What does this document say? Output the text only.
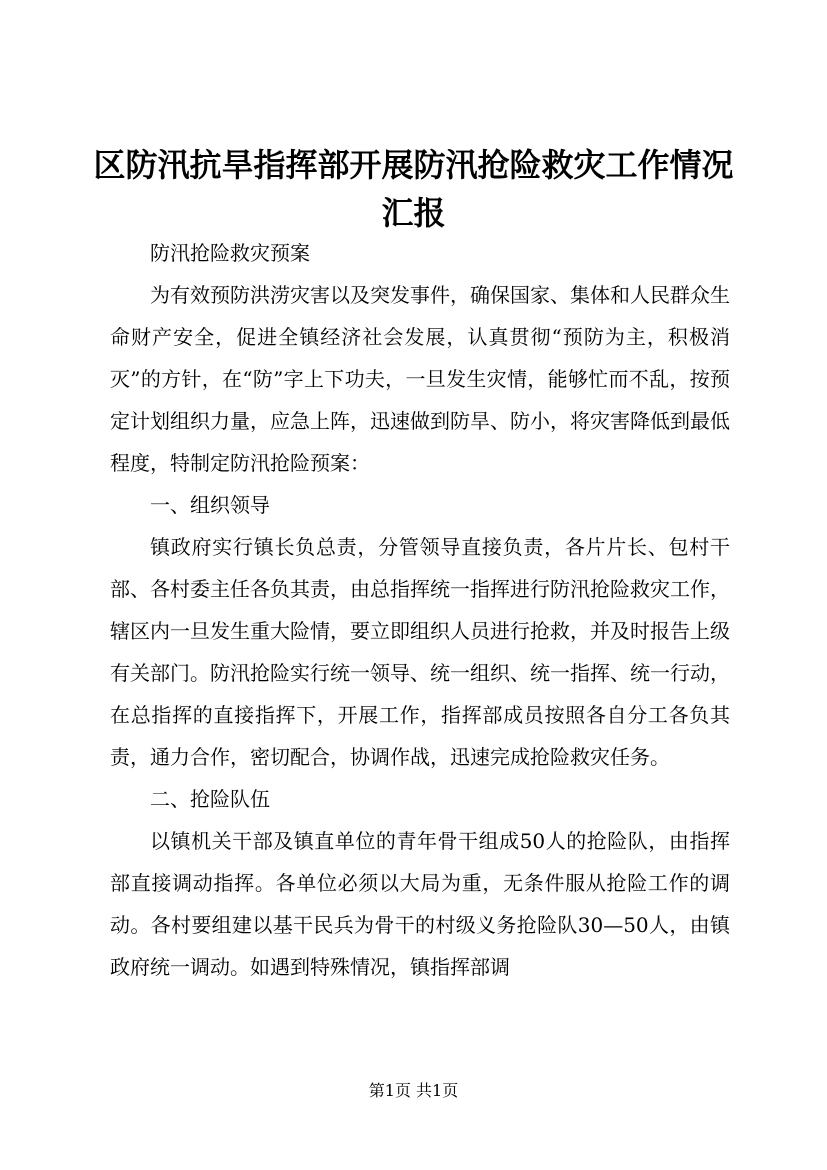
区防汛抗旱指挥部开展防汛抢险救灾工作情况
汇报

防汛抢险救灾预案

为有效预防洪涝灾害以及突发事件，确保国家、集体和人民群众生命财产安全，促进全镇经济社会发展，认真贯彻“预防为主，积极消灭”的方针，在“防”字上下功夫，一旦发生灾情，能够忙而不乱，按预定计划组织力量，应急上阵，迅速做到防旱、防小，将灾害降低到最低程度，特制定防汛抢险预案：

一、组织领导

镇政府实行镇长负总责，分管领导直接负责，各片片长、包村干部、各村委主任各负其责，由总指挥统一指挥进行防汛抢险救灾工作，辖区内一旦发生重大险情，要立即组织人员进行抢救，并及时报告上级有关部门。防汛抢险实行统一领导、统一组织、统一指挥、统一行动，在总指挥的直接指挥下，开展工作，指挥部成员按照各自分工各负其责，通力合作，密切配合，协调作战，迅速完成抢险救灾任务。

二、抢险队伍

以镇机关干部及镇直单位的青年骨干组成50人的抢险队，由指挥部直接调动指挥。各单位必须以大局为重，无条件服从抢险工作的调动。各村要组建以基干民兵为骨干的村级义务抢险队30—50人，由镇政府统一调动。如遇到特殊情况，镇指挥部调

第1页 共1页
